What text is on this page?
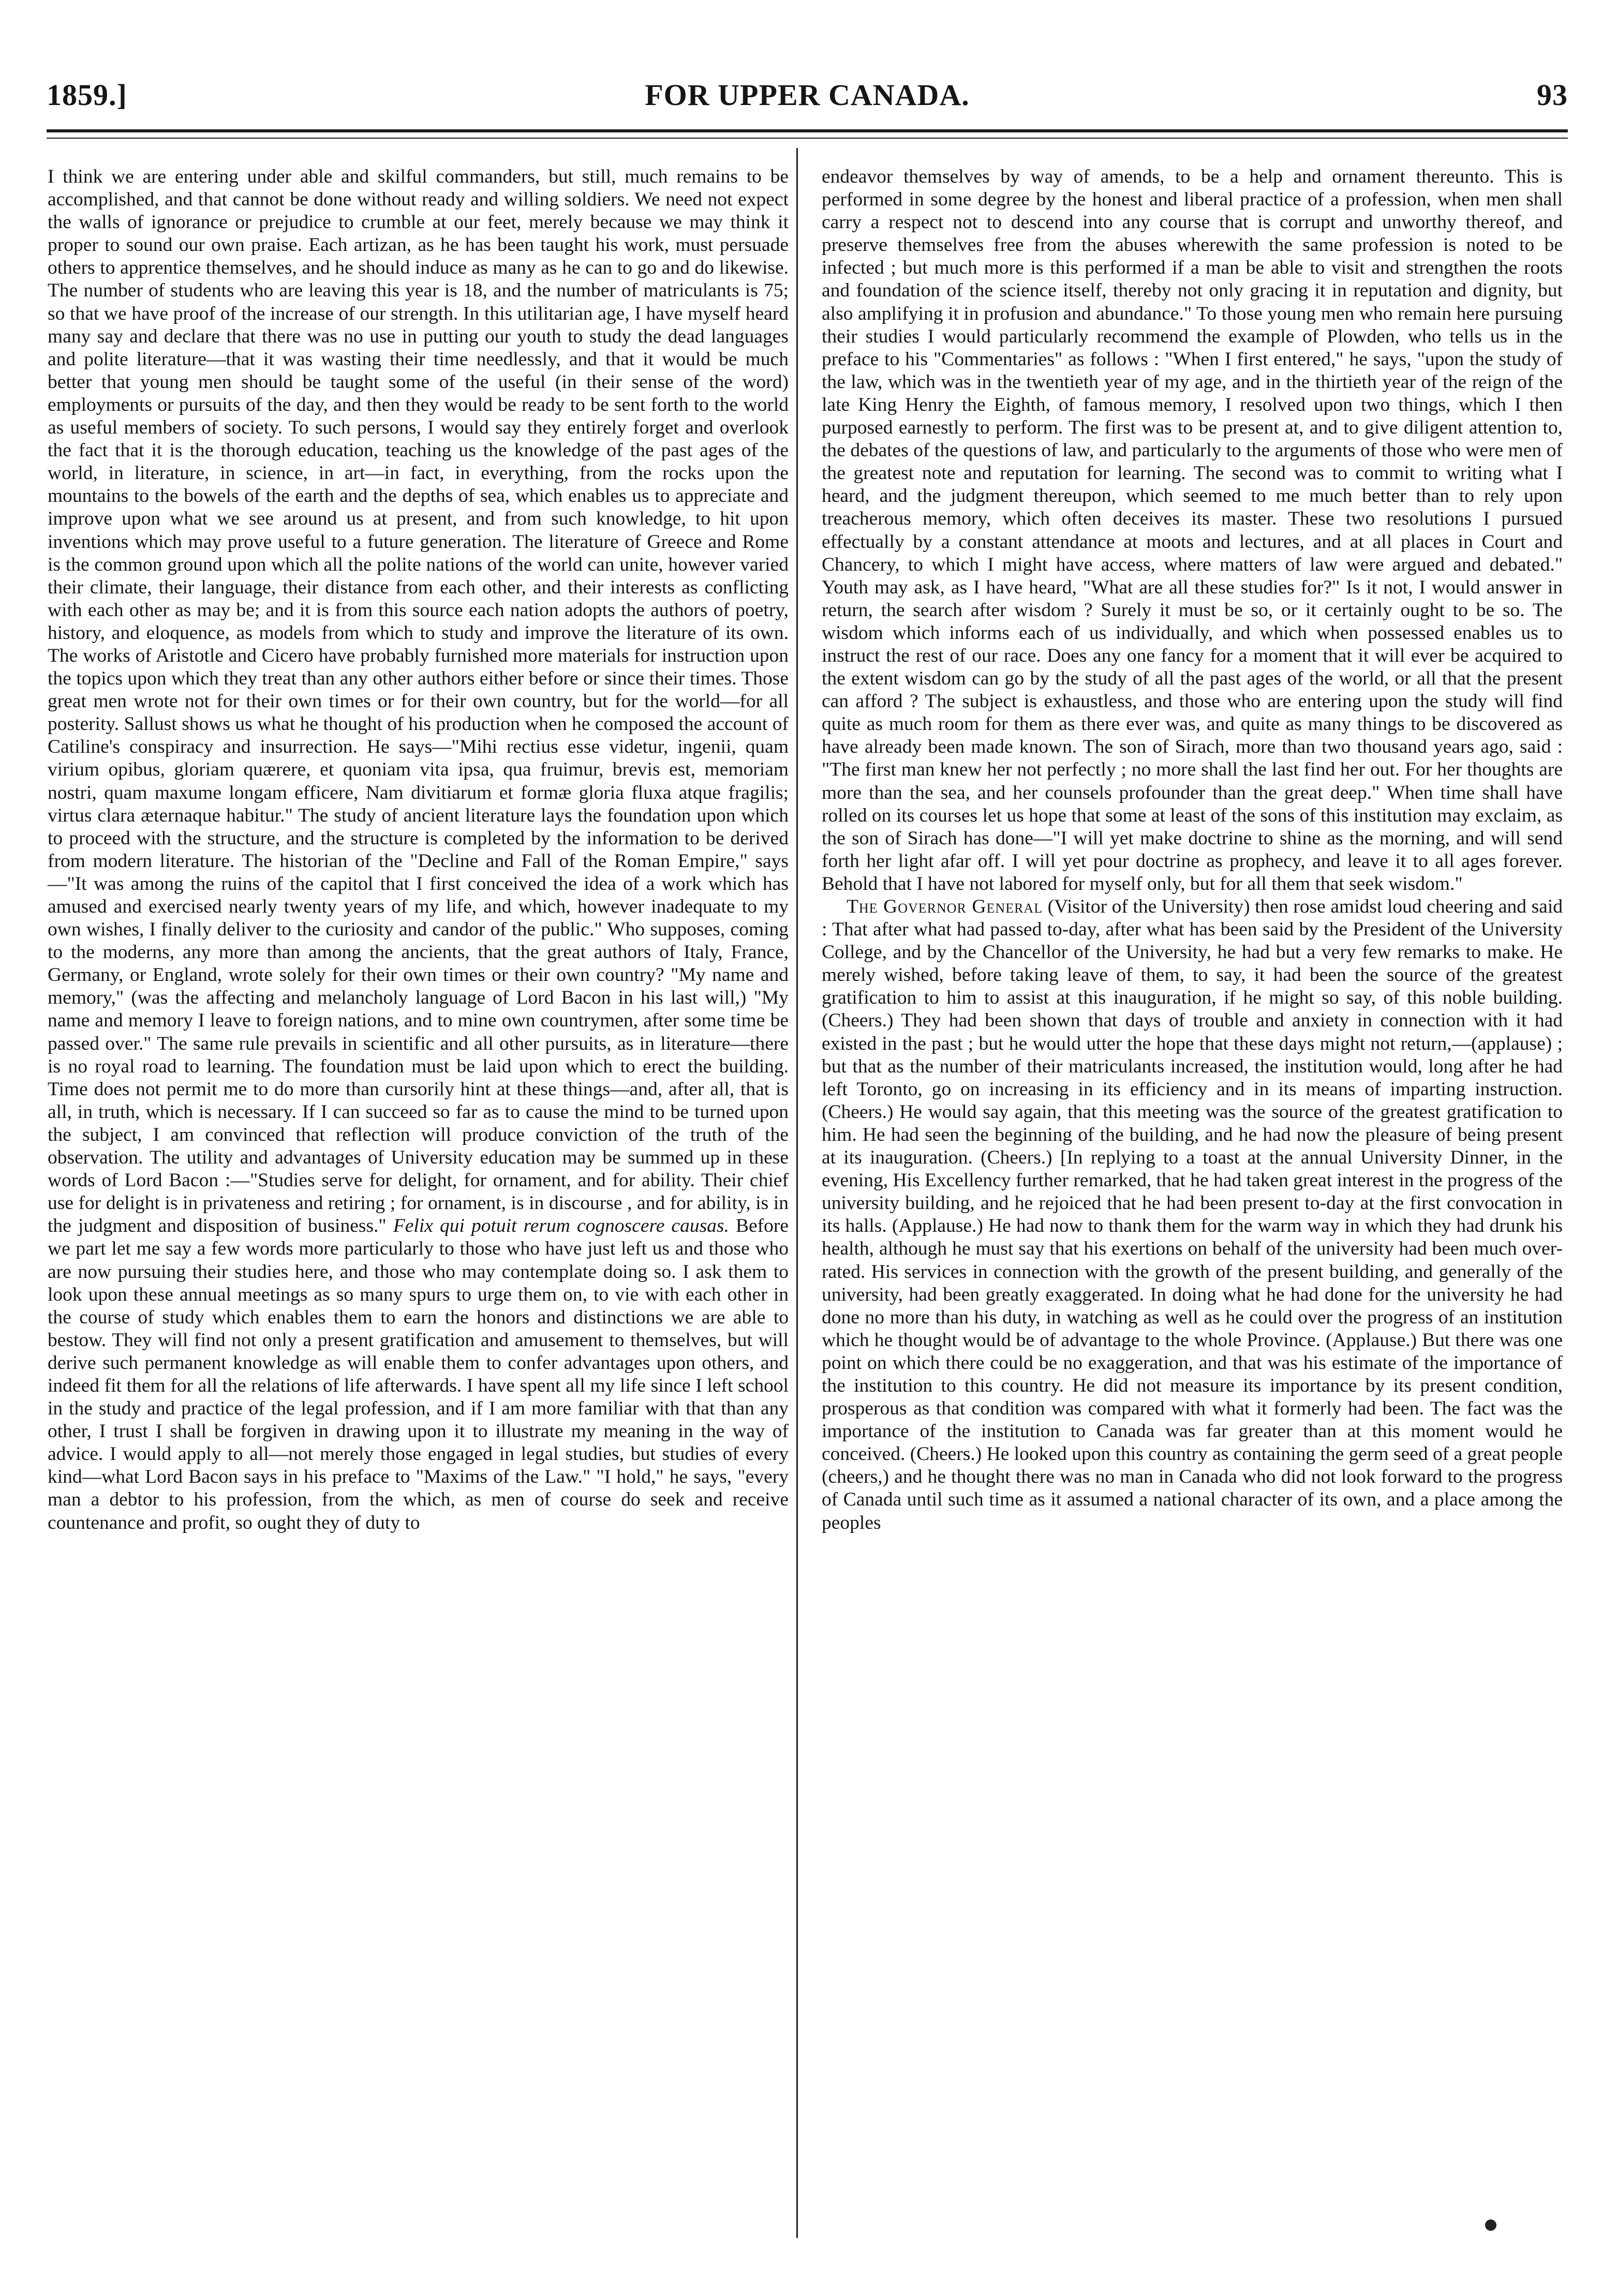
1859.]	FOR UPPER CANADA.	93

I think we are entering under able and skilful commanders, but still, much remains to be accomplished, and that cannot be done without ready and willing soldiers. We need not expect the walls of ignorance or prejudice to crumble at our feet, merely because we may think it proper to sound our own praise. Each artizan, as he has been taught his work, must persuade others to apprentice themselves, and he should induce as many as he can to go and do likewise. The number of students who are leaving this year is 18, and the number of matriculants is 75; so that we have proof of the increase of our strength. In this utilitarian age, I have myself heard many say and declare that there was no use in putting our youth to study the dead languages and polite literature—that it was wasting their time needlessly, and that it would be much better that young men should be taught some of the useful (in their sense of the word) employments or pursuits of the day, and then they would be ready to be sent forth to the world as useful members of society. To such persons, I would say they entirely forget and overlook the fact that it is the thorough education, teaching us the knowledge of the past ages of the world, in literature, in science, in art—in fact, in everything, from the rocks upon the mountains to the bowels of the earth and the depths of sea, which enables us to appreciate and improve upon what we see around us at present, and from such knowledge, to hit upon inventions which may prove useful to a future generation. The literature of Greece and Rome is the common ground upon which all the polite nations of the world can unite, however varied their climate, their language, their distance from each other, and their interests as conflicting with each other as may be; and it is from this source each nation adopts the authors of poetry, history, and eloquence, as models from which to study and improve the literature of its own. The works of Aristotle and Cicero have probably furnished more materials for instruction upon the topics upon which they treat than any other authors either before or since their times. Those great men wrote not for their own times or for their own country, but for the world—for all posterity. Sallust shows us what he thought of his production when he composed the account of Catiline's conspiracy and insurrection. He says—"Mihi rectius esse videtur, ingenii, quam virium opibus, gloriam quærere, et quoniam vita ipsa, qua fruimur, brevis est, memoriam nostri, quam maxume longam efficere, Nam divitiarum et formæ gloria fluxa atque fragilis; virtus clara æternaque habitur." The study of ancient literature lays the foundation upon which to proceed with the structure, and the structure is completed by the information to be derived from modern literature. The historian of the "Decline and Fall of the Roman Empire," says—"It was among the ruins of the capitol that I first conceived the idea of a work which has amused and exercised nearly twenty years of my life, and which, however inadequate to my own wishes, I finally deliver to the curiosity and candor of the public." Who supposes, coming to the moderns, any more than among the ancients, that the great authors of Italy, France, Germany, or England, wrote solely for their own times or their own country? "My name and memory," (was the affecting and melancholy language of Lord Bacon in his last will,) "My name and memory I leave to foreign nations, and to mine own countrymen, after some time be passed over." The same rule prevails in scientific and all other pursuits, as in literature—there is no royal road to learning. The foundation must be laid upon which to erect the building. Time does not permit me to do more than cursorily hint at these things—and, after all, that is all, in truth, which is necessary. If I can succeed so far as to cause the mind to be turned upon the subject, I am convinced that reflection will produce conviction of the truth of the observation. The utility and advantages of University education may be summed up in these words of Lord Bacon :—"Studies serve for delight, for ornament, and for ability. Their chief use for delight is in privateness and retiring ; for ornament, is in discourse , and for ability, is in the judgment and disposition of business." Felix qui potuit rerum cognoscere causas. Before we part let me say a few words more particularly to those who have just left us and those who are now pursuing their studies here, and those who may contemplate doing so. I ask them to look upon these annual meetings as so many spurs to urge them on, to vie with each other in the course of study which enables them to earn the honors and distinctions we are able to bestow. They will find not only a present gratification and amusement to themselves, but will derive such permanent knowledge as will enable them to confer advantages upon others, and indeed fit them for all the relations of life afterwards. I have spent all my life since I left school in the study and practice of the legal profession, and if I am more familiar with that than any other, I trust I shall be forgiven in drawing upon it to illustrate my meaning in the way of advice. I would apply to all—not merely those engaged in legal studies, but studies of every kind—what Lord Bacon says in his preface to "Maxims of the Law." "I hold," he says, "every man a debtor to his profession, from the which, as men of course do seek and receive countenance and profit, so ought they of duty to

endeavor themselves by way of amends, to be a help and ornament thereunto. This is performed in some degree by the honest and liberal practice of a profession, when men shall carry a respect not to descend into any course that is corrupt and unworthy thereof, and preserve themselves free from the abuses wherewith the same profession is noted to be infected ; but much more is this performed if a man be able to visit and strengthen the roots and foundation of the science itself, thereby not only gracing it in reputation and dignity, but also amplifying it in profusion and abundance." To those young men who remain here pursuing their studies I would particularly recommend the example of Plowden, who tells us in the preface to his "Commentaries" as follows : "When I first entered," he says, "upon the study of the law, which was in the twentieth year of my age, and in the thirtieth year of the reign of the late King Henry the Eighth, of famous memory, I resolved upon two things, which I then purposed earnestly to perform. The first was to be present at, and to give diligent attention to, the debates of the questions of law, and particularly to the arguments of those who were men of the greatest note and reputation for learning. The second was to commit to writing what I heard, and the judgment thereupon, which seemed to me much better than to rely upon treacherous memory, which often deceives its master. These two resolutions I pursued effectually by a constant attendance at moots and lectures, and at all places in Court and Chancery, to which I might have access, where matters of law were argued and debated." Youth may ask, as I have heard, "What are all these studies for?" Is it not, I would answer in return, the search after wisdom ? Surely it must be so, or it certainly ought to be so. The wisdom which informs each of us individually, and which when possessed enables us to instruct the rest of our race. Does any one fancy for a moment that it will ever be acquired to the extent wisdom can go by the study of all the past ages of the world, or all that the present can afford ? The subject is exhaustless, and those who are entering upon the study will find quite as much room for them as there ever was, and quite as many things to be discovered as have already been made known. The son of Sirach, more than two thousand years ago, said : "The first man knew her not perfectly ; no more shall the last find her out. For her thoughts are more than the sea, and her counsels profounder than the great deep." When time shall have rolled on its courses let us hope that some at least of the sons of this institution may exclaim, as the son of Sirach has done—"I will yet make doctrine to shine as the morning, and will send forth her light afar off. I will yet pour doctrine as prophecy, and leave it to all ages forever. Behold that I have not labored for myself only, but for all them that seek wisdom."

The Governor General (Visitor of the University) then rose amidst loud cheering and said : That after what had passed to-day, after what has been said by the President of the University College, and by the Chancellor of the University, he had but a very few remarks to make. He merely wished, before taking leave of them, to say, it had been the source of the greatest gratification to him to assist at this inauguration, if he might so say, of this noble building. (Cheers.) They had been shown that days of trouble and anxiety in connection with it had existed in the past ; but he would utter the hope that these days might not return,—(applause) ; but that as the number of their matriculants increased, the institution would, long after he had left Toronto, go on increasing in its efficiency and in its means of imparting instruction. (Cheers.) He would say again, that this meeting was the source of the greatest gratification to him. He had seen the beginning of the building, and he had now the pleasure of being present at its inauguration. (Cheers.) [In replying to a toast at the annual University Dinner, in the evening, His Excellency further remarked, that he had taken great interest in the progress of the university building, and he rejoiced that he had been present to-day at the first convocation in its halls. (Applause.) He had now to thank them for the warm way in which they had drunk his health, although he must say that his exertions on behalf of the university had been much over-rated. His services in connection with the growth of the present building, and generally of the university, had been greatly exaggerated. In doing what he had done for the university he had done no more than his duty, in watching as well as he could over the progress of an institution which he thought would be of advantage to the whole Province. (Applause.) But there was one point on which there could be no exaggeration, and that was his estimate of the importance of the institution to this country. He did not measure its importance by its present condition, prosperous as that condition was compared with what it formerly had been. The fact was the importance of the institution to Canada was far greater than at this moment would he conceived. (Cheers.) He looked upon this country as containing the germ seed of a great people (cheers,) and he thought there was no man in Canada who did not look forward to the progress of Canada until such time as it assumed a national character of its own, and a place among the peoples
